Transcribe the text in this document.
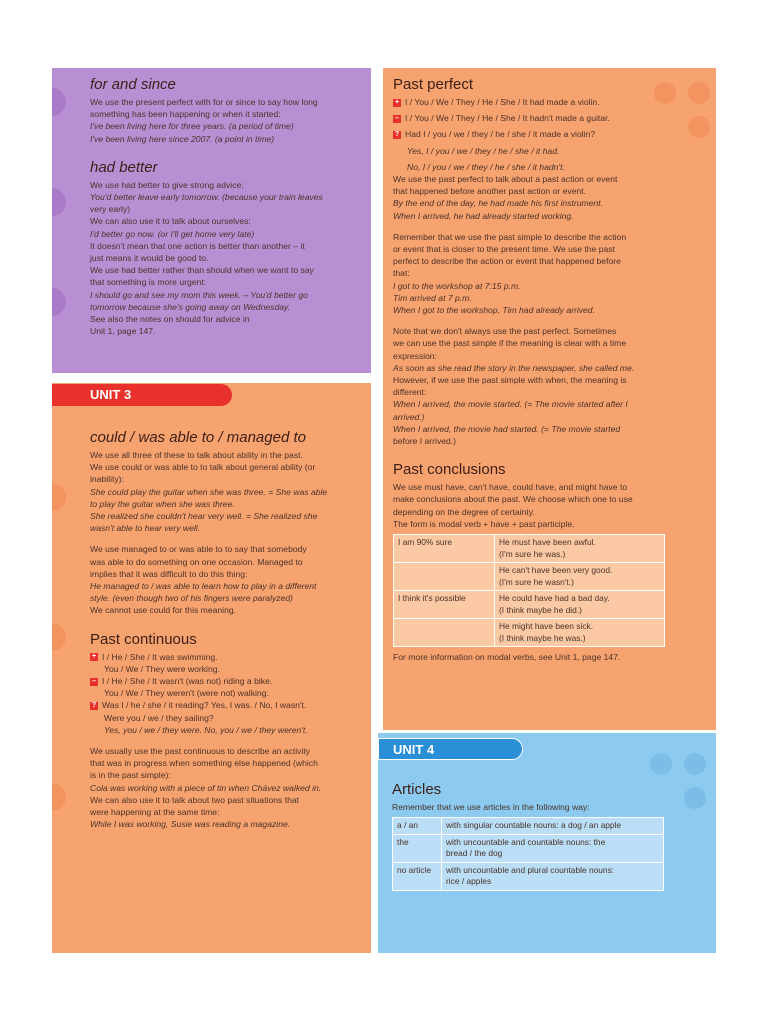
for and since

We use the present perfect with for or since to say how long

something has been happening or when it started:

I've been living here for three years. (a period of time)

I've been living here since 2007. (a point in time)

had better

We use had better to give strong advice:

You'd better leave early tomorrow. (because your train leaves

very early)

We can also use it to talk about ourselves:

I'd better go now. (or I'll get home very late)

It doesn't mean that one action is better than another – it

just means it would be good to.

We use had better rather than should when we want to say

that something is more urgent:

I should go and see my mom this week. – You'd better go

tomorrow because she's going away on Wednesday.

See also the notes on should for advice in

Unit 1, page 147.

could / was able to / managed to

We use all three of these to talk about ability in the past.

We use could or was able to to talk about general ability (or

inability):

She could play the guitar when she was three. = She was able

to play the guitar when she was three.

She realized she couldn't hear very well. = She realized she

wasn't able to hear very well.

We use managed to or was able to to say that somebody

was able to do something on one occasion. Managed to

implies that it was difficult to do this thing:

He managed to / was able to learn how to play in a different

style. (even though two of his fingers were paralyzed)

We cannot use could for this meaning.

Past continuous

+ I / He / She / It was swimming.

You / We / They were working.

– I / He / She / It wasn't (was not) riding a bike.

You / We / They weren't (were not) walking.

? Was I / he / she / it reading? Yes, I was. / No, I wasn't.

Were you / we / they sailing?

Yes, you / we / they were. No, you / we / they weren't.

We usually use the past continuous to describe an activity

that was in progress when something else happened (which

is in the past simple):

Cola was working with a piece of tin when Chávez walked in.

We can also use it to talk about two past situations that

were happening at the same time:

While I was working, Susie was reading a magazine.

UNIT 3
Past perfect

+ I / You / We / They / He / She / It had made a violin.

– I / You / We / They / He / She / It hadn't made a guitar.

? Had I / you / we / they / he / she / it made a violin?

Yes, I / you / we / they / he / she / it had.

No, I / you / we / they / he / she / it hadn't.

We use the past perfect to talk about a past action or event

that happened before another past action or event.

By the end of the day, he had made his first instrument.

When I arrived, he had already started working.

Remember that we use the past simple to describe the action

or event that is closer to the present time. We use the past

perfect to describe the action or event that happened before

that:

I got to the workshop at 7:15 p.m.

Tim arrived at 7 p.m.

When I got to the workshop, Tim had already arrived.

Note that we don't always use the past perfect. Sometimes

we can use the past simple if the meaning is clear with a time

expression:

As soon as she read the story in the newspaper, she called me.

However, if we use the past simple with when, the meaning is

different:

When I arrived, the movie started. (= The movie started after I

arrived.)

When I arrived, the movie had started. (= The movie started

before I arrived.)

Past conclusions

We use must have, can't have, could have, and might have to

make conclusions about the past. We choose which one to use

depending on the degree of certainty.

The form is modal verb + have + past participle.

I am 90% sure	He must have been awful.
(I'm sure he was.)

	He can't have been very good.
(I'm sure he wasn't.)

I think it's possible	He could have had a bad day.
(I think maybe he did.)

	He might have been sick.
(I think maybe he was.)

For more information on modal verbs, see Unit 1, page 147.

Articles

Remember that we use articles in the following way:

a / an	with singular countable nouns: a dog / an apple

the	with uncountable and countable nouns: the
bread / the dog

no article	with uncountable and plural countable nouns:
rice / apples
UNIT 4
